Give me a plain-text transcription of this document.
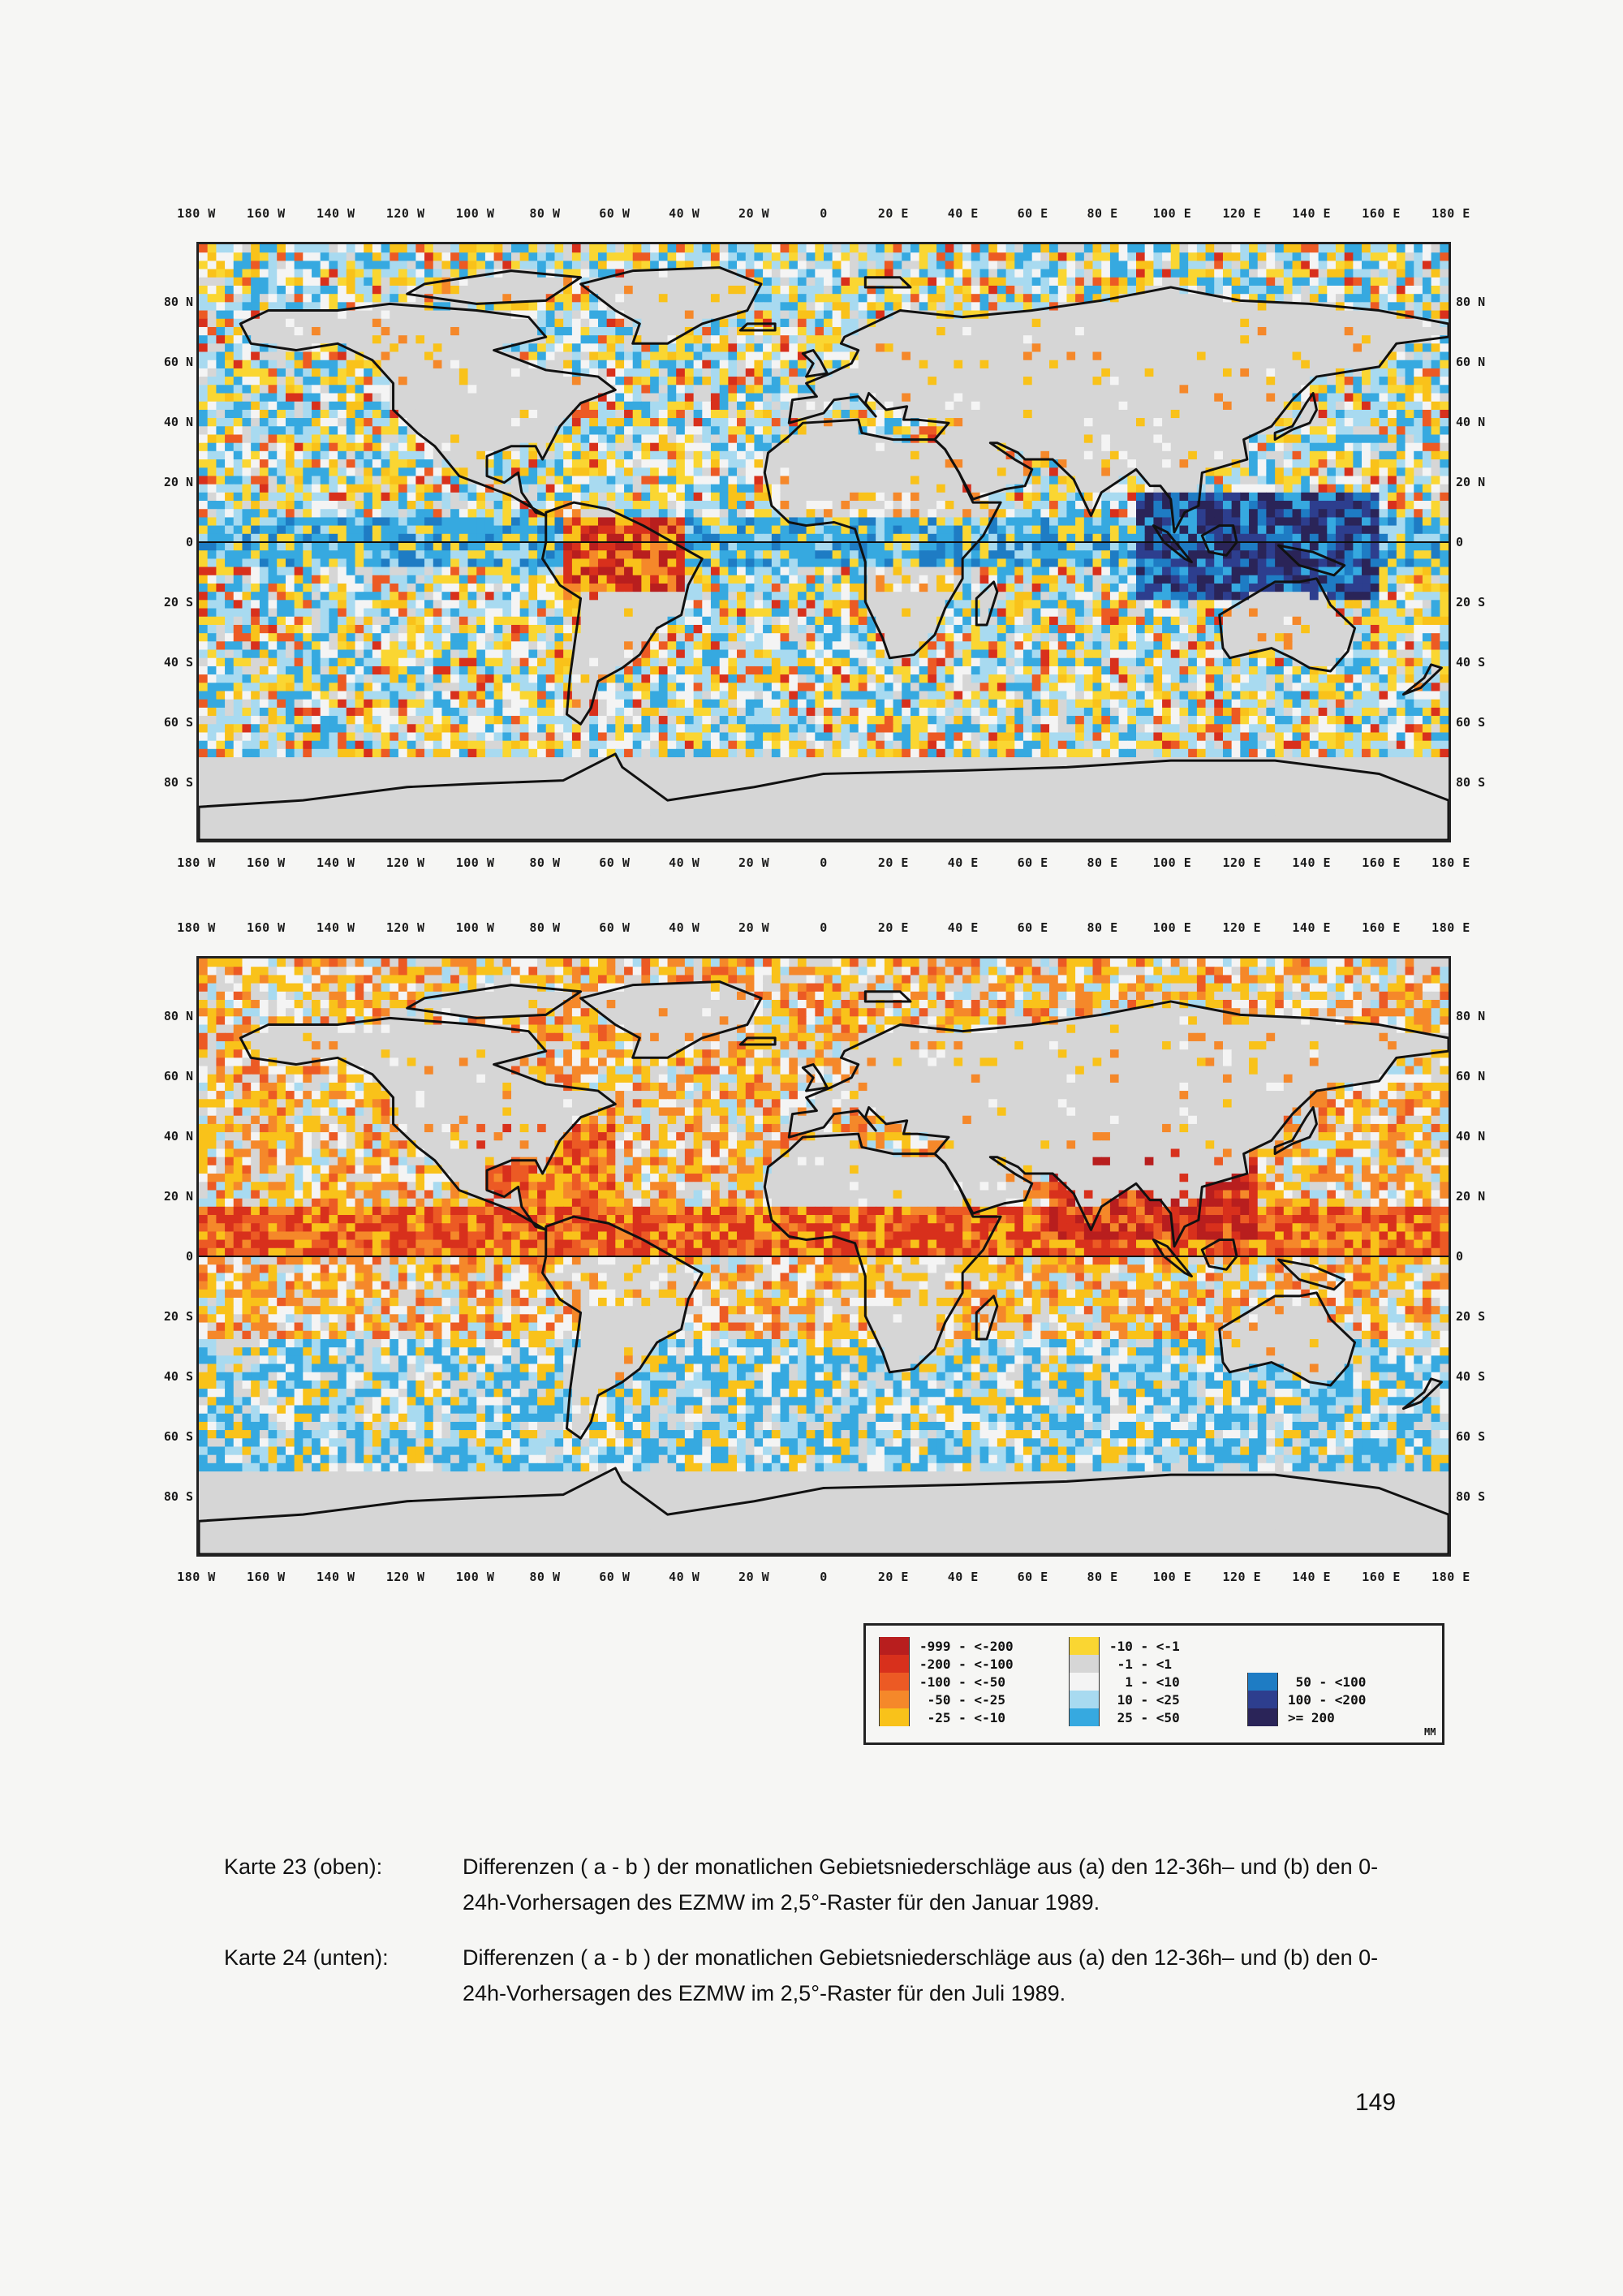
180 W	160 W	140 W	120 W	100 W	80 W	60 W	40 W	20 W	0	20 E	40 E	60 E	80 E	100 E	120 E	140 E	160 E	180 E
80 N
60 N
40 N
20 N
0
20 S
40 S
60 S
80 S
80 N
60 N
40 N
20 N
0
20 S
40 S
60 S
80 S
180 W	160 W	140 W	120 W	100 W	80 W	60 W	40 W	20 W	0	20 E	40 E	60 E	80 E	100 E	120 E	140 E	160 E	180 E
180 W	160 W	140 W	120 W	100 W	80 W	60 W	40 W	20 W	0	20 E	40 E	60 E	80 E	100 E	120 E	140 E	160 E	180 E
80 N
60 N
40 N
20 N
0
20 S
40 S
60 S
80 S
80 N
60 N
40 N
20 N
0
20 S
40 S
60 S
80 S
180 W	160 W	140 W	120 W	100 W	80 W	60 W	40 W	20 W	0	20 E	40 E	60 E	80 E	100 E	120 E	140 E	160 E	180 E
-999 - <-200
-200 - <-100
-100 - <-50
-50 - <-25
-25 - <-10
-10 - <-1
-1 - <1
1 - <10
10 - <25
25 - <50
50 - <100
100 - <200
>= 200
MM
Karte 23 (oben):	Differenzen ( a - b ) der monatlichen Gebietsniederschläge aus (a) den 12-36h– und (b) den 0-24h-Vorhersagen des EZMW im 2,5°-Raster für den Januar 1989.
Karte 24 (unten):	Differenzen ( a - b ) der monatlichen Gebietsniederschläge aus (a) den 12-36h– und (b) den 0-24h-Vorhersagen des EZMW im 2,5°-Raster für den Juli 1989.
149
